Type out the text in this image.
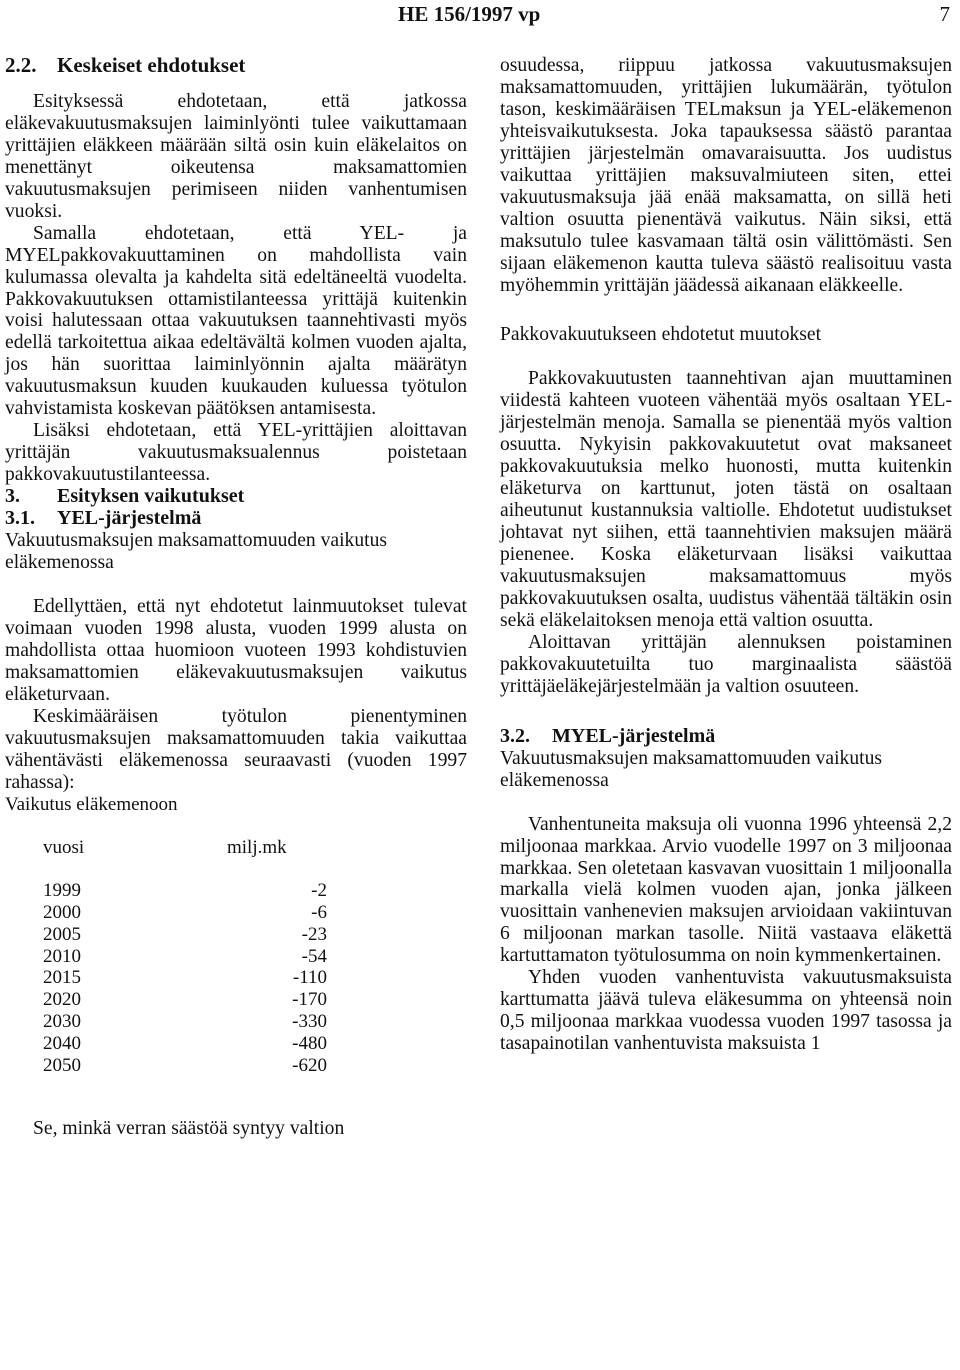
HE 156/1997 vp	7

2.2. Keskeiset ehdotukset

Esityksessä ehdotetaan, että jatkossa eläkevakuutusmaksujen laiminlyönti tulee vaikuttamaan yrittäjien eläkkeen määrään siltä osin kuin eläkelaitos on menettänyt oikeutensa maksamattomien vakuutusmaksujen perimiseen niiden vanhentumisen vuoksi.

Samalla ehdotetaan, että YEL- ja MYELpakkovakuuttaminen on mahdollista vain kulumassa olevalta ja kahdelta sitä edeltäneeltä vuodelta. Pakkovakuutuksen ottamistilanteessa yrittäjä kuitenkin voisi halutessaan ottaa vakuutuksen taannehtivasti myös edellä tarkoitettua aikaa edeltävältä kolmen vuoden ajalta, jos hän suorittaa laiminlyönnin ajalta määrätyn vakuutusmaksun kuuden kuukauden kuluessa työtulon vahvistamista koskevan päätöksen antamisesta.

Lisäksi ehdotetaan, että YEL-yrittäjien aloittavan yrittäjän vakuutusmaksualennus poistetaan pakkovakuutustilanteessa.

3. Esityksen vaikutukset

3.1. YEL-järjestelmä

Vakuutusmaksujen maksamattomuuden vaikutus eläkemenossa

Edellyttäen, että nyt ehdotetut lainmuutokset tulevat voimaan vuoden 1998 alusta, vuoden 1999 alusta on mahdollista ottaa huomioon vuoteen 1993 kohdistuvien maksamattomien eläkevakuutusmaksujen vaikutus eläketurvaan.

Keskimääräisen työtulon pienentyminen vakuutusmaksujen maksamattomuuden takia vaikuttaa vähentävästi eläkemenossa seuraavasti (vuoden 1997 rahassa):

Vaikutus eläkemenoon

vuosi	milj.mk
1999	-2
2000	-6
2005	-23
2010	-54
2015	-110
2020	-170
2030	-330
2040	-480
2050	-620

Se, minkä verran säästöä syntyy valtion

osuudessa, riippuu jatkossa vakuutusmaksujen maksamattomuuden, yrittäjien lukumäärän, työtulon tason, keskimääräisen TELmaksun ja YEL-eläkemenon yhteisvaikutuksesta. Joka tapauksessa säästö parantaa yrittäjien järjestelmän omavaraisuutta. Jos uudistus vaikuttaa yrittäjien maksuvalmiuteen siten, ettei vakuutusmaksuja jää enää maksamatta, on sillä heti valtion osuutta pienentävä vaikutus. Näin siksi, että maksutulo tulee kasvamaan tältä osin välittömästi. Sen sijaan eläkemenon kautta tuleva säästö realisoituu vasta myöhemmin yrittäjän jäädessä aikanaan eläkkeelle.

Pakkovakuutukseen ehdotetut muutokset

Pakkovakuutusten taannehtivan ajan muuttaminen viidestä kahteen vuoteen vähentää myös osaltaan YEL-järjestelmän menoja. Samalla se pienentää myös valtion osuutta. Nykyisin pakkovakuutetut ovat maksaneet pakkovakuutuksia melko huonosti, mutta kuitenkin eläketurva on karttunut, joten tästä on osaltaan aiheutunut kustannuksia valtiolle. Ehdotetut uudistukset johtavat nyt siihen, että taannehtivien maksujen määrä pienenee. Koska eläketurvaan lisäksi vaikuttaa vakuutusmaksujen maksamattomuus myös pakkovakuutuksen osalta, uudistus vähentää tältäkin osin sekä eläkelaitoksen menoja että valtion osuutta.

Aloittavan yrittäjän alennuksen poistaminen pakkovakuutetuilta tuo marginaalista säästöä yrittäjäeläkejärjestelmään ja valtion osuuteen.

3.2. MYEL-järjestelmä

Vakuutusmaksujen maksamattomuuden vaikutus eläkemenossa

Vanhentuneita maksuja oli vuonna 1996 yhteensä 2,2 miljoonaa markkaa. Arvio vuodelle 1997 on 3 miljoonaa markkaa. Sen oletetaan kasvavan vuosittain 1 miljoonalla markalla vielä kolmen vuoden ajan, jonka jälkeen vuosittain vanhenevien maksujen arvioidaan vakiintuvan 6 miljoonan markan tasolle. Niitä vastaava eläkettä kartuttamaton työtulosumma on noin kymmenkertainen.

Yhden vuoden vanhentuvista vakuutusmaksuista karttumatta jäävä tuleva eläkesumma on yhteensä noin 0,5 miljoonaa markkaa vuodessa vuoden 1997 tasossa ja tasapainotilan vanhentuvista maksuista 1
